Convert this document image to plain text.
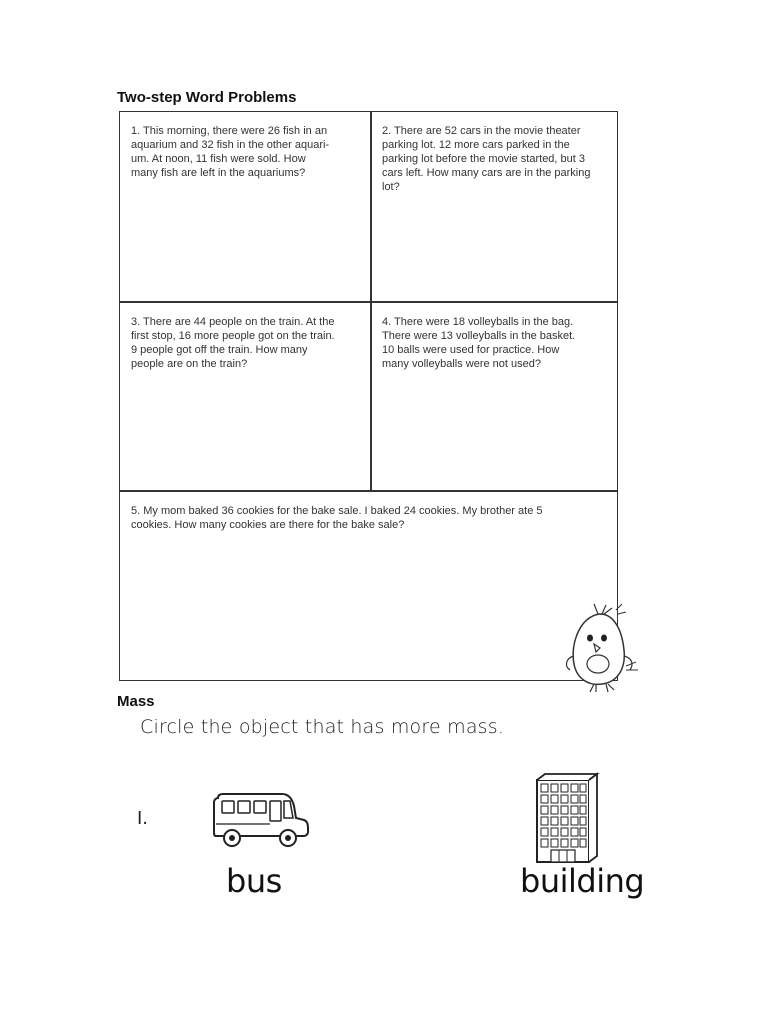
Two-step Word Problems
1. This morning, there were 26 fish in an
aquarium and 32 fish in the other aquari-
um. At noon, 11 fish were sold. How
many fish are left in the aquariums?
2. There are 52 cars in the movie theater
parking lot. 12 more cars parked in the
parking lot before the movie started, but 3
cars left. How many cars are in the parking
lot?
3. There are 44 people on the train. At the
first stop, 16 more people got on the train.
9 people got off the train. How many
people are on the train?
4. There were 18 volleyballs in the bag.
There were 13 volleyballs in the basket.
10 balls were used for practice. How
many volleyballs were not used?
5. My mom baked 36 cookies for the bake sale. I baked 24 cookies. My brother ate 5
cookies. How many cookies are there for the bake sale?
Mass
Circle the object that has more mass.
I.
bus	building
